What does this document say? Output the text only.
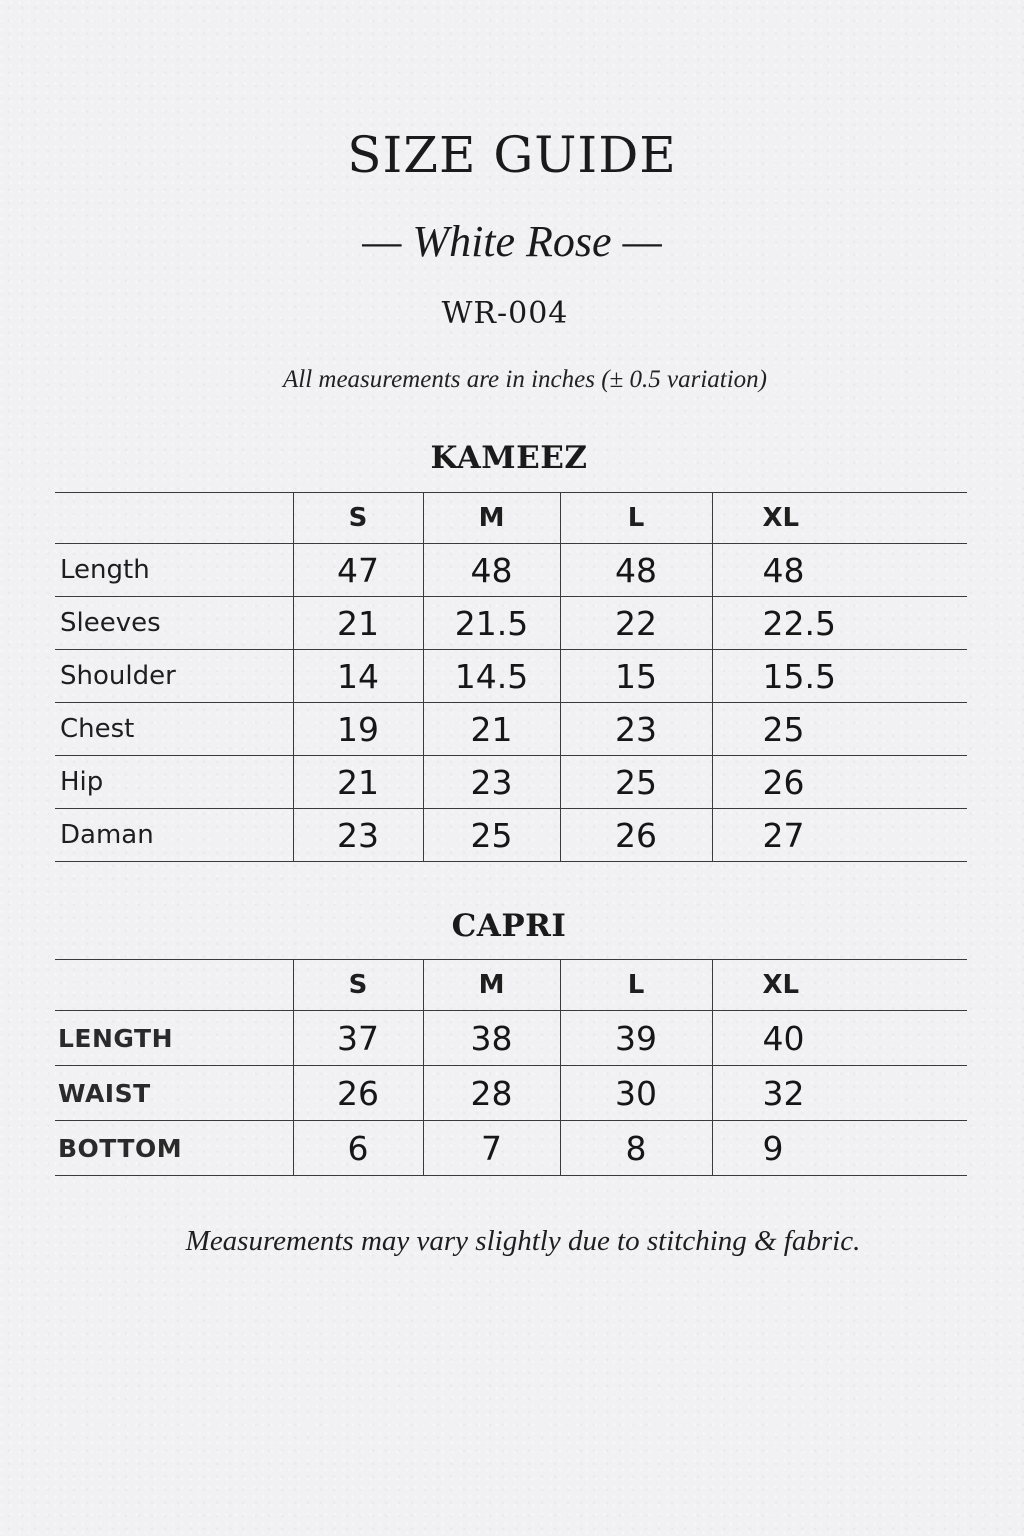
SIZE GUIDE
— White Rose —
WR-004
All measurements are in inches (± 0.5 variation)
KAMEEZ
	S	M	L	XL
Length	47	48	48	48
Sleeves	21	21.5	22	22.5
Shoulder	14	14.5	15	15.5
Chest	19	21	23	25
Hip	21	23	25	26
Daman	23	25	26	27
CAPRI
	S	M	L	XL
LENGTH	37	38	39	40
WAIST	26	28	30	32
BOTTOM	6	7	8	9
Measurements may vary slightly due to stitching & fabric.
